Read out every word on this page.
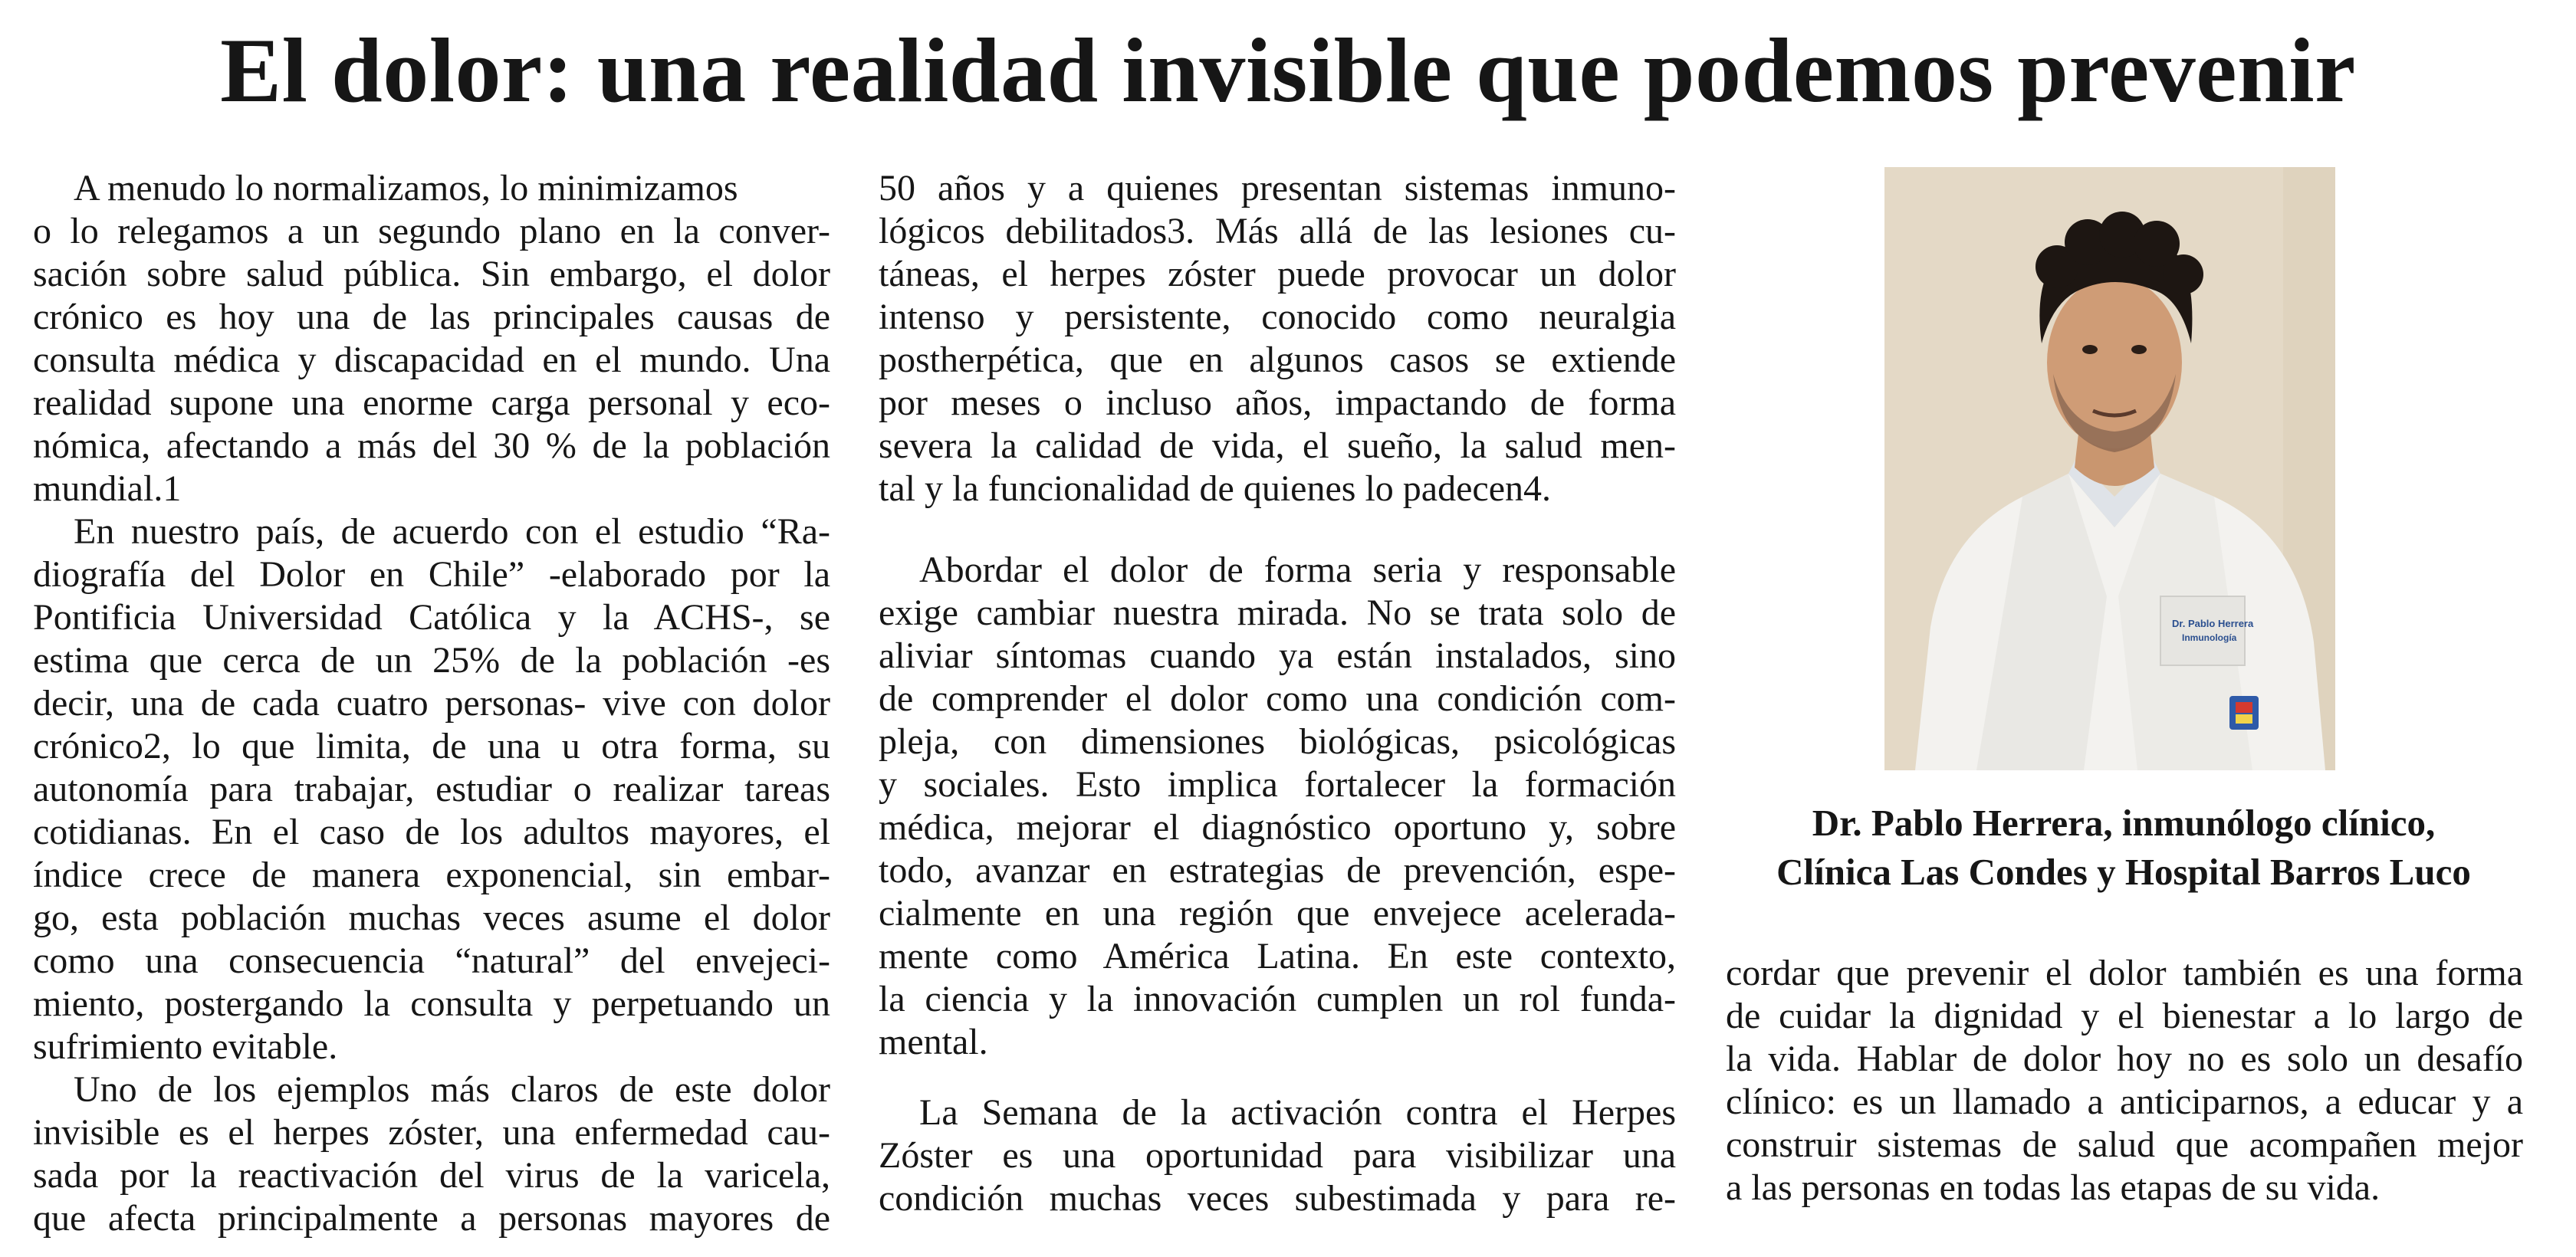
El dolor: una realidad invisible que podemos prevenir
A menudo lo normalizamos, lo minimizamos
o lo relegamos a un segundo plano en la conver-
sación sobre salud pública. Sin embargo, el dolor
crónico es hoy una de las principales causas de
consulta médica y discapacidad en el mundo. Una
realidad supone una enorme carga personal y eco-
nómica, afectando a más del 30 % de la población
mundial.1
En nuestro país, de acuerdo con el estudio “Ra-
diografía del Dolor en Chile” -elaborado por la
Pontificia Universidad Católica y la ACHS-, se
estima que cerca de un 25% de la población -es
decir, una de cada cuatro personas- vive con dolor
crónico2, lo que limita, de una u otra forma, su
autonomía para trabajar, estudiar o realizar tareas
cotidianas. En el caso de los adultos mayores, el
índice crece de manera exponencial, sin embar-
go, esta población muchas veces asume el dolor
como una consecuencia “natural” del envejeci-
miento, postergando la consulta y perpetuando un
sufrimiento evitable.
Uno de los ejemplos más claros de este dolor
invisible es el herpes zóster, una enfermedad cau-
sada por la reactivación del virus de la varicela,
que afecta principalmente a personas mayores de
50 años y a quienes presentan sistemas inmuno-
lógicos debilitados3. Más allá de las lesiones cu-
táneas, el herpes zóster puede provocar un dolor
intenso y persistente, conocido como neuralgia
postherpética, que en algunos casos se extiende
por meses o incluso años, impactando de forma
severa la calidad de vida, el sueño, la salud men-
tal y la funcionalidad de quienes lo padecen4.
Abordar el dolor de forma seria y responsable
exige cambiar nuestra mirada. No se trata solo de
aliviar síntomas cuando ya están instalados, sino
de comprender el dolor como una condición com-
pleja, con dimensiones biológicas, psicológicas
y sociales. Esto implica fortalecer la formación
médica, mejorar el diagnóstico oportuno y, sobre
todo, avanzar en estrategias de prevención, espe-
cialmente en una región que envejece acelerada-
mente como América Latina. En este contexto,
la ciencia y la innovación cumplen un rol funda-
mental.
La Semana de la activación contra el Herpes
Zóster es una oportunidad para visibilizar una
condición muchas veces subestimada y para re-
Dr. Pablo Herrera
Inmunología
Dr. Pablo Herrera, inmunólogo clínico,
Clínica Las Condes y Hospital Barros Luco
cordar que prevenir el dolor también es una forma
de cuidar la dignidad y el bienestar a lo largo de
la vida. Hablar de dolor hoy no es solo un desafío
clínico: es un llamado a anticiparnos, a educar y a
construir sistemas de salud que acompañen mejor
a las personas en todas las etapas de su vida.
